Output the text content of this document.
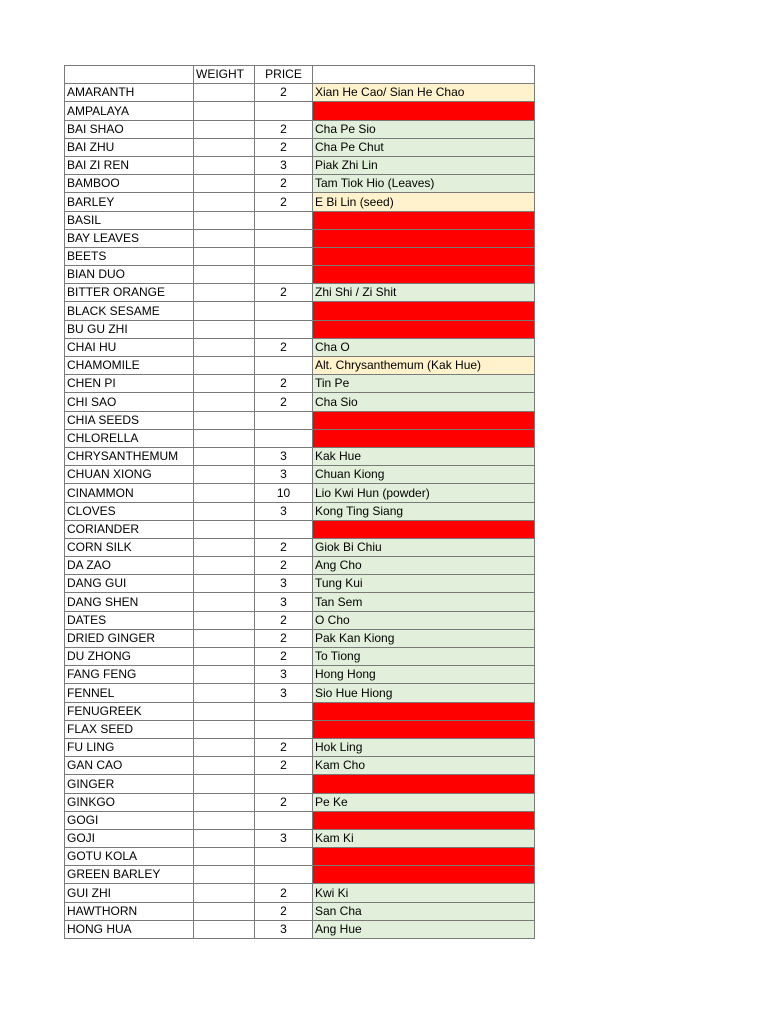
	WEIGHT	PRICE	
AMARANTH		2	Xian He Cao/ Sian He Chao
AMPALAYA			
BAI SHAO		2	Cha Pe Sio
BAI ZHU		2	Cha Pe Chut
BAI ZI REN		3	Piak Zhi Lin
BAMBOO		2	Tam Tiok Hio (Leaves)
BARLEY		2	E Bi Lin (seed)
BASIL			
BAY LEAVES			
BEETS			
BIAN DUO			
BITTER ORANGE		2	Zhi Shi / Zi Shit
BLACK SESAME			
BU GU ZHI			
CHAI HU		2	Cha O
CHAMOMILE			Alt. Chrysanthemum (Kak Hue)
CHEN PI		2	Tin Pe
CHI SAO		2	Cha Sio
CHIA SEEDS			
CHLORELLA			
CHRYSANTHEMUM		3	Kak Hue
CHUAN XIONG		3	Chuan Kiong
CINAMMON		10	Lio Kwi Hun (powder)
CLOVES		3	Kong Ting Siang
CORIANDER			
CORN SILK		2	Giok Bi Chiu
DA ZAO		2	Ang Cho
DANG GUI		3	Tung Kui
DANG SHEN		3	Tan Sem
DATES		2	O Cho
DRIED GINGER		2	Pak Kan Kiong
DU ZHONG		2	To Tiong
FANG FENG		3	Hong Hong
FENNEL		3	Sio Hue Hiong
FENUGREEK			
FLAX SEED			
FU LING		2	Hok Ling
GAN CAO		2	Kam Cho
GINGER			
GINKGO		2	Pe Ke
GOGI			
GOJI		3	Kam Ki
GOTU KOLA			
GREEN BARLEY			
GUI ZHI		2	Kwi Ki
HAWTHORN		2	San Cha
HONG HUA		3	Ang Hue
